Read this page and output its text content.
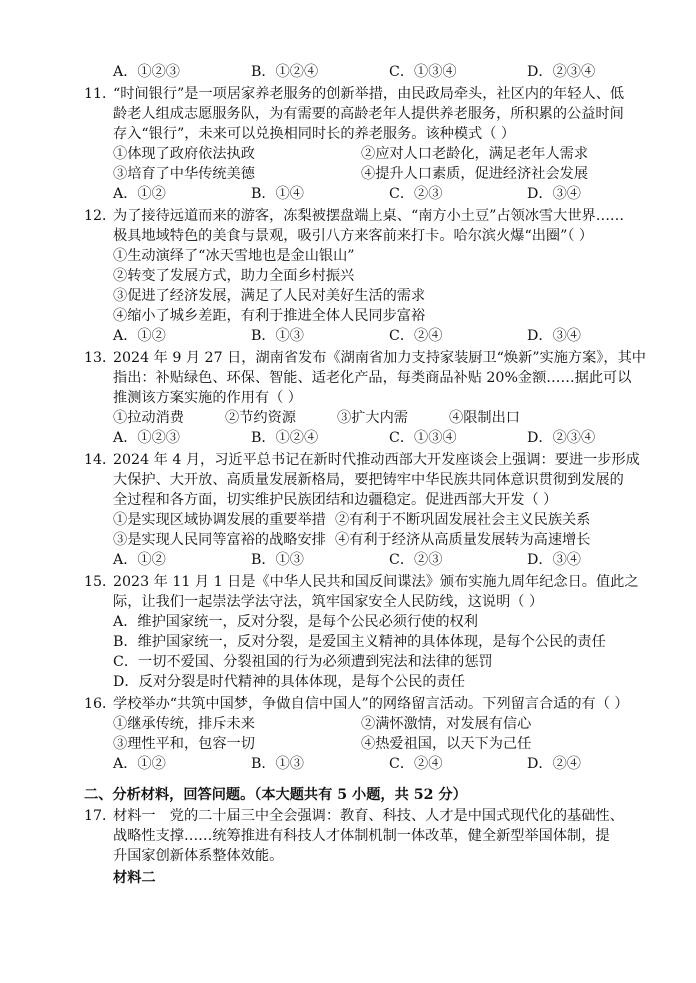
A．①②③	B．①②④	C．①③④	D．②③④
11．
“时间银行”是一项居家养老服务的创新举措，由民政局牵头，社区内的年轻人、低
龄老人组成志愿服务队，为有需要的高龄老年人提供养老服务，所积累的公益时间
存入“银行”，未来可以兑换相同时长的养老服务。该种模式（ ）
①体现了政府依法执政	②应对人口老龄化，满足老年人需求
③培育了中华传统美德	④提升人口素质，促进经济社会发展
A．①②	B．①④	C．②③	D．③④
12．
为了接待远道而来的游客，冻梨被摆盘端上桌、“南方小土豆”占领冰雪大世界……
极具地域特色的美食与景观，吸引八方来客前来打卡。哈尔滨火爆“出圈”（ ）
①生动演绎了“冰天雪地也是金山银山”
②转变了发展方式，助力全面乡村振兴
③促进了经济发展，满足了人民对美好生活的需求
④缩小了城乡差距，有利于推进全体人民同步富裕
A．①②	B．①③	C．②④	D．③④
13．
2024 年 9 月 27 日，湖南省发布《湖南省加力支持家装厨卫“焕新”实施方案》，其中
指出：补贴绿色、环保、智能、适老化产品，每类商品补贴 20%金额……据此可以
推测该方案实施的作用有（ ）
①拉动消费	②节约资源	③扩大内需	④限制出口
A．①②③	B．①②④	C．①③④	D．②③④
14．
2024 年 4 月，习近平总书记在新时代推动西部大开发座谈会上强调：要进一步形成
大保护、大开放、高质量发展新格局，要把铸牢中华民族共同体意识贯彻到发展的
全过程和各方面，切实维护民族团结和边疆稳定。促进西部大开发（ ）
①是实现区域协调发展的重要举措 ②有利于不断巩固发展社会主义民族关系
③是实现人民同等富裕的战略安排 ④有利于经济从高质量发展转为高速增长
A．①②	B．①③	C．②③	D．③④
15．
2023 年 11 月 1 日是《中华人民共和国反间谍法》颁布实施九周年纪念日。值此之
际，让我们一起崇法学法守法，筑牢国家安全人民防线，这说明（ ）
A．维护国家统一，反对分裂，是每个公民必须行使的权利
B．维护国家统一，反对分裂，是爱国主义精神的具体体现，是每个公民的责任
C．一切不爱国、分裂祖国的行为必须遭到宪法和法律的惩罚
D．反对分裂是时代精神的具体体现，是每个公民的责任
16．
学校举办“共筑中国梦，争做自信中国人”的网络留言活动。下列留言合适的有（ ）
①继承传统，排斥未来	②满怀激情，对发展有信心
③理性平和，包容一切	④热爱祖国，以天下为己任
A．①②	B．①③	C．②④	D．②④
二、分析材料，回答问题。（本大题共有 5 小题，共 52 分）
17．
材料一　党的二十届三中全会强调：教育、科技、人才是中国式现代化的基础性、
战略性支撑……统筹推进有科技人才体制机制一体改革，健全新型举国体制，提
升国家创新体系整体效能。
材料二
